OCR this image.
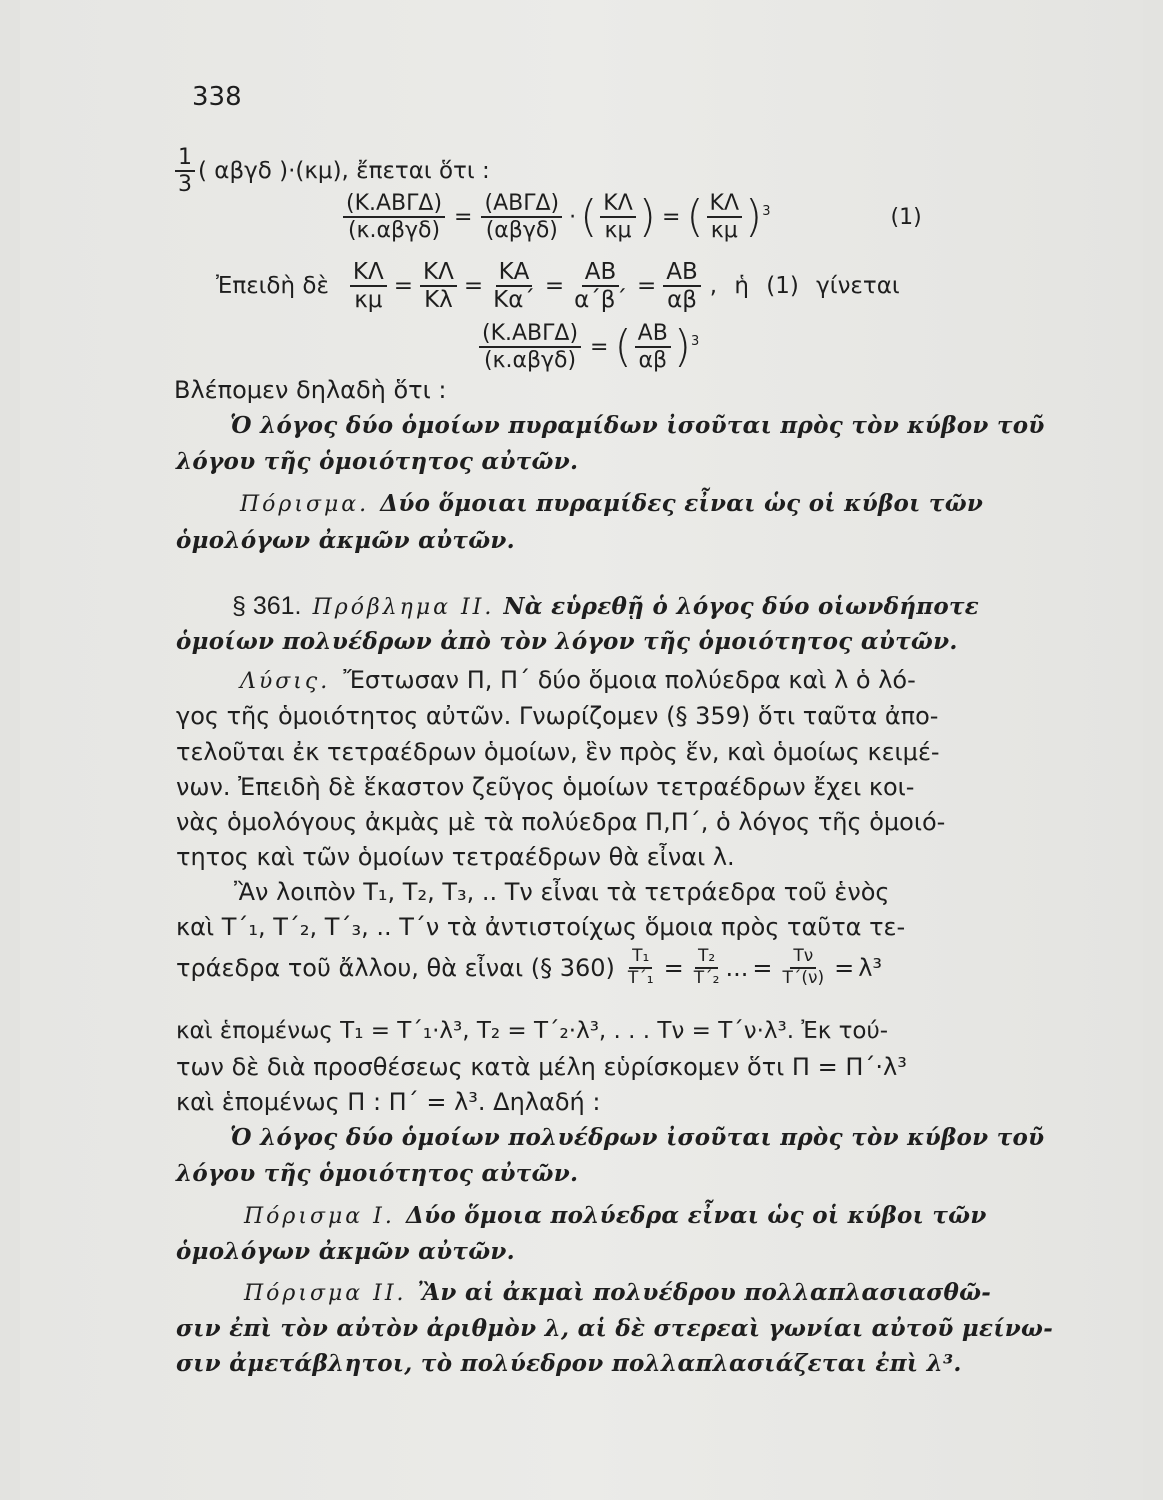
338
$\frac{1}{3}$ ( αβγδ )·(κμ), ἔπεται ὅτι :
$\frac{\text{(Κ.ΑΒΓΔ)}}{\text{(κ.αβγδ)}} = \frac{\text{(ΑΒΓΔ)}}{\text{(αβγδ)}}$ · ( $\frac{K\Lambda}{\kappa\mu}$ ) = ( $\frac{K\Lambda}{\kappa\mu}$ ) 3	(1)
Ἐπειδὴ δὲ $\frac{K\Lambda}{\kappa\mu} = \frac{K\Lambda}{K\lambda} = \frac{KA}{K\alpha΄} = \frac{AB}{\alpha΄\beta΄} = \frac{AB}{\alpha\beta}$ , ἡ (1) γίνεται
$\frac{\text{(Κ.ΑΒΓΔ)}}{\text{(κ.αβγδ)}}$ = ( $\frac{AB}{\alpha\beta}$ ) 3
Βλέπομεν δηλαδὴ ὅτι :
Ὁ λόγος δύο ὁμοίων πυραμίδων ἰσοῦται πρὸς τὸν κύβον τοῦ
λόγου τῆς ὁμοιότητος αὐτῶν.
Πόρισμα. Δύο ὅμοιαι πυραμίδες εἶναι ὡς οἱ κύβοι τῶν
ὁμολόγων ἀκμῶν αὐτῶν.
§ 361. Πρόβλημα ΙΙ. Νὰ εὑρεθῇ ὁ λόγος δύο οἱωνδήποτε
ὁμοίων πολυέδρων ἀπὸ τὸν λόγον τῆς ὁμοιότητος αὐτῶν.
Λύσις. Ἔστωσαν Π, Π΄ δύο ὅμοια πολύεδρα καὶ λ ὁ λό-
γος τῆς ὁμοιότητος αὐτῶν. Γνωρίζομεν (§ 359) ὅτι ταῦτα ἀπο-
τελοῦται ἐκ τετραέδρων ὁμοίων, ἓν πρὸς ἕν, καὶ ὁμοίως κειμέ-
νων. Ἐπειδὴ δὲ ἕκαστον ζεῦγος ὁμοίων τετραέδρων ἔχει κοι-
νὰς ὁμολόγους ἀκμὰς μὲ τὰ πολύεδρα Π,Π΄, ὁ λόγος τῆς ὁμοιό-
τητος καὶ τῶν ὁμοίων τετραέδρων θὰ εἶναι λ.
Ἂν λοιπὸν Τ₁, Τ₂, Τ₃, .. Τν εἶναι τὰ τετράεδρα τοῦ ἑνὸς
καὶ Τ΄₁, Τ΄₂, Τ΄₃, .. Τ΄ν τὰ ἀντιστοίχως ὅμοια πρὸς ταῦτα τε-
τράεδρα τοῦ ἄλλου, θὰ εἶναι (§ $360) \frac{\text{Τ₁}}{\text{Τ΄₁}} = \frac{\text{Τ₂}}{\text{Τ΄₂}}$ ... = $\frac{T\nu}{T΄(\nu)} = \lambda^3$
καὶ ἑπομένως Τ₁ = Τ΄₁·λ³, Τ₂ = Τ΄₂·λ³, . . . Τν = Τ΄ν·λ³. Ἐκ τού-
των δὲ διὰ προσθέσεως κατὰ μέλη εὑρίσκομεν ὅτι Π = Π΄·λ³
καὶ ἑπομένως Π : Π΄ = λ³. Δηλαδή :
Ὁ λόγος δύο ὁμοίων πολυέδρων ἰσοῦται πρὸς τὸν κύβον τοῦ
λόγου τῆς ὁμοιότητος αὐτῶν.
Πόρισμα Ι. Δύο ὅμοια πολύεδρα εἶναι ὡς οἱ κύβοι τῶν
ὁμολόγων ἀκμῶν αὐτῶν.
Πόρισμα ΙΙ. Ἂν αἱ ἀκμαὶ πολυέδρου πολλαπλασιασθῶ-
σιν ἐπὶ τὸν αὐτὸν ἀριθμὸν λ, αἱ δὲ στερεαὶ γωνίαι αὐτοῦ μείνω-
σιν ἀμετάβλητοι, τὸ πολύεδρον πολλαπλασιάζεται ἐπὶ λ³.
